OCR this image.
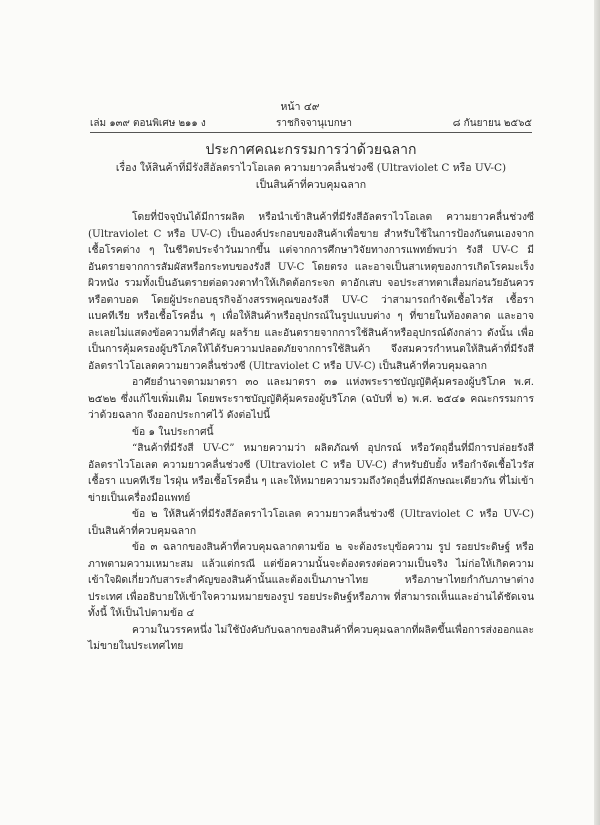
หน้า ๔๙
เล่ม ๑๓๙ ตอนพิเศษ ๒๑๑ ง	ราชกิจจานุเบกษา	๘ กันยายน ๒๕๖๕
ประกาศคณะกรรมการว่าด้วยฉลาก
เรื่อง ให้สินค้าที่มีรังสีอัลตราไวโอเลต ความยาวคลื่นช่วงซี (Ultraviolet C หรือ UV-C)
เป็นสินค้าที่ควบคุมฉลาก

โดยที่ปัจจุบันได้มีการผลิต หรือนำเข้าสินค้าที่มีรังสีอัลตราไวโอเลต ความยาวคลื่นช่วงซี (Ultraviolet C หรือ UV-C) เป็นองค์ประกอบของสินค้าเพื่อขาย สำหรับใช้ในการป้องกันตนเองจากเชื้อโรคต่าง ๆ ในชีวิตประจำวันมากขึ้น แต่จากการศึกษาวิจัยทางการแพทย์พบว่า รังสี UV-C มีอันตรายจากการสัมผัสหรือกระทบของรังสี UV-C โดยตรง และอาจเป็นสาเหตุของการเกิดโรคมะเร็งผิวหนัง รวมทั้งเป็นอันตรายต่อดวงตาทำให้เกิดต้อกระจก ตาอักเสบ จอประสาทตาเสื่อมก่อนวัยอันควรหรือตาบอด โดยผู้ประกอบธุรกิจอ้างสรรพคุณของรังสี UV-C ว่าสามารถกำจัดเชื้อไวรัส เชื้อรา แบคทีเรีย หรือเชื้อโรคอื่น ๆ เพื่อให้สินค้าหรืออุปกรณ์ในรูปแบบต่าง ๆ ที่ขายในท้องตลาด และอาจละเลยไม่แสดงข้อความที่สำคัญ ผลร้าย และอันตรายจากการใช้สินค้าหรืออุปกรณ์ดังกล่าว ดังนั้น เพื่อเป็นการคุ้มครองผู้บริโภคให้ได้รับความปลอดภัยจากการใช้สินค้า จึงสมควรกำหนดให้สินค้าที่มีรังสีอัลตราไวโอเลตความยาวคลื่นช่วงซี (Ultraviolet C หรือ UV-C) เป็นสินค้าที่ควบคุมฉลาก

อาศัยอำนาจตามมาตรา ๓๐ และมาตรา ๓๑ แห่งพระราชบัญญัติคุ้มครองผู้บริโภค พ.ศ. ๒๕๒๒ ซึ่งแก้ไขเพิ่มเติม โดยพระราชบัญญัติคุ้มครองผู้บริโภค (ฉบับที่ ๒) พ.ศ. ๒๕๔๑ คณะกรรมการว่าด้วยฉลาก จึงออกประกาศไว้ ดังต่อไปนี้

ข้อ ๑ ในประกาศนี้

“สินค้าที่มีรังสี UV-C” หมายความว่า ผลิตภัณฑ์ อุปกรณ์ หรือวัตถุอื่นที่มีการปล่อยรังสีอัลตราไวโอเลต ความยาวคลื่นช่วงซี (Ultraviolet C หรือ UV-C) สำหรับยับยั้ง หรือกำจัดเชื้อไวรัส เชื้อรา แบคทีเรีย ไรฝุ่น หรือเชื้อโรคอื่น ๆ และให้หมายความรวมถึงวัตถุอื่นที่มีลักษณะเดียวกัน ที่ไม่เข้าข่ายเป็นเครื่องมือแพทย์

ข้อ ๒ ให้สินค้าที่มีรังสีอัลตราไวโอเลต ความยาวคลื่นช่วงซี (Ultraviolet C หรือ UV-C) เป็นสินค้าที่ควบคุมฉลาก

ข้อ ๓ ฉลากของสินค้าที่ควบคุมฉลากตามข้อ ๒ จะต้องระบุข้อความ รูป รอยประดิษฐ์ หรือภาพตามความเหมาะสม แล้วแต่กรณี แต่ข้อความนั้นจะต้องตรงต่อความเป็นจริง ไม่ก่อให้เกิดความเข้าใจผิดเกี่ยวกับสาระสำคัญของสินค้านั้นและต้องเป็นภาษาไทย หรือภาษาไทยกำกับภาษาต่างประเทศ เพื่ออธิบายให้เข้าใจความหมายของรูป รอยประดิษฐ์หรือภาพ ที่สามารถเห็นและอ่านได้ชัดเจน ทั้งนี้ ให้เป็นไปตามข้อ ๔

ความในวรรคหนึ่ง ไม่ใช้บังคับกับฉลากของสินค้าที่ควบคุมฉลากที่ผลิตขึ้นเพื่อการส่งออกและไม่ขายในประเทศไทย
